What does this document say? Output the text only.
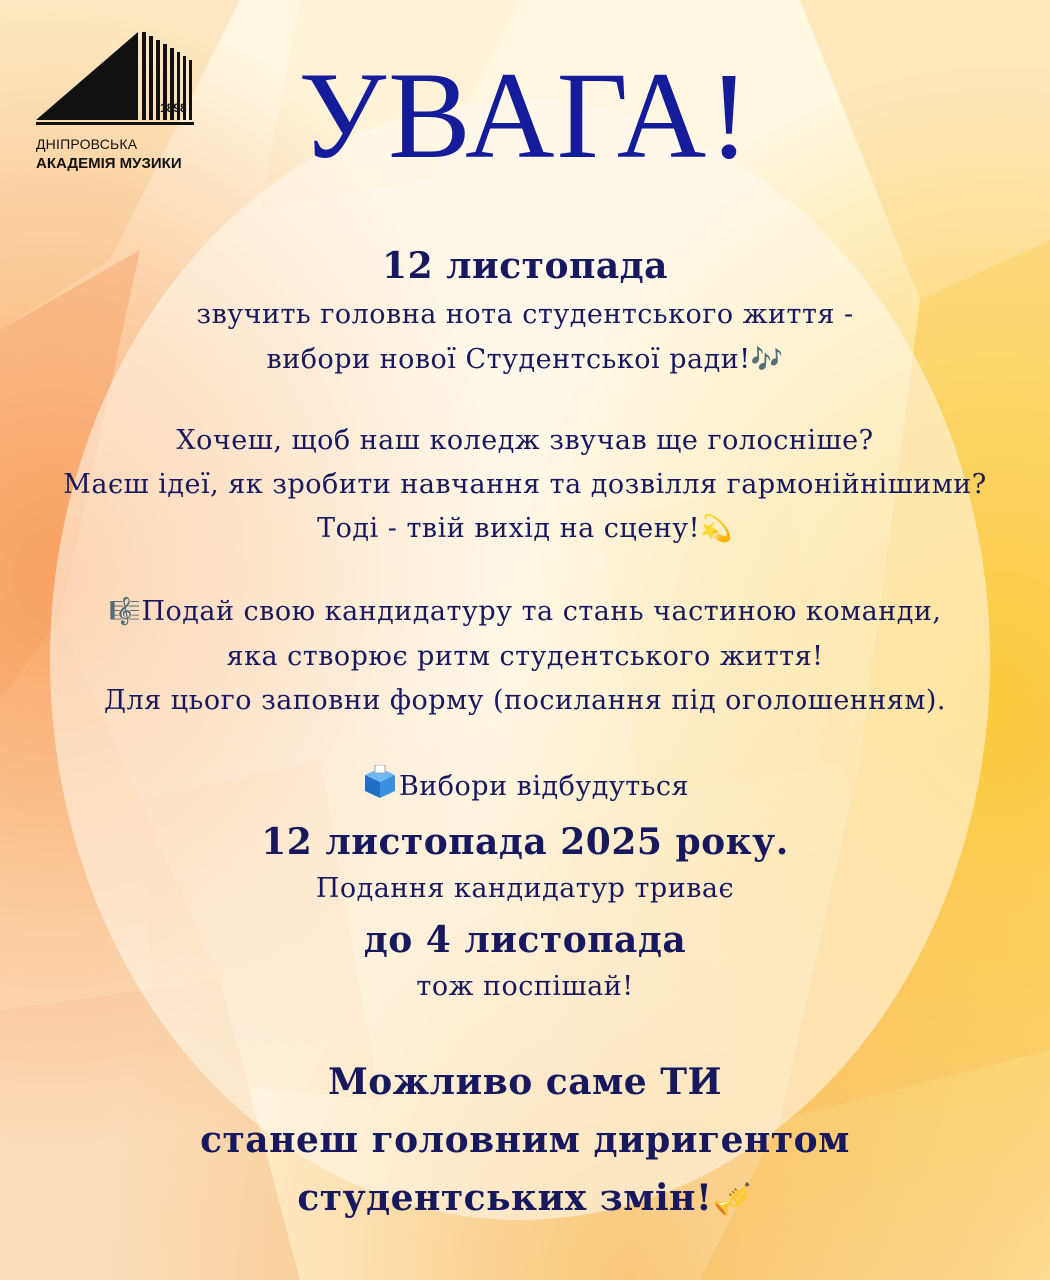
1898
ДНІПРОВСЬКА
АКАДЕМІЯ МУЗИКИ УВАГА!
12 листопада
звучить головна нота студентського життя -
вибори нової Студентської ради!🎶
Хочеш, щоб наш коледж звучав ще голосніше?
Маєш ідеї, як зробити навчання та дозвілля гармонійнішими?
Тоді - твій вихід на сцену!💫
🎼Подай свою кандидатуру та стань частиною команди,
яка створює ритм студентського життя!
Для цього заповни форму (посилання під оголошенням).
Вибори відбудуться
12 листопада 2025 року.
Подання кандидатур триває
до 4 листопада
тож поспішай!
Можливо саме ТИ
станеш головним диригентом
студентських змін!🎺
